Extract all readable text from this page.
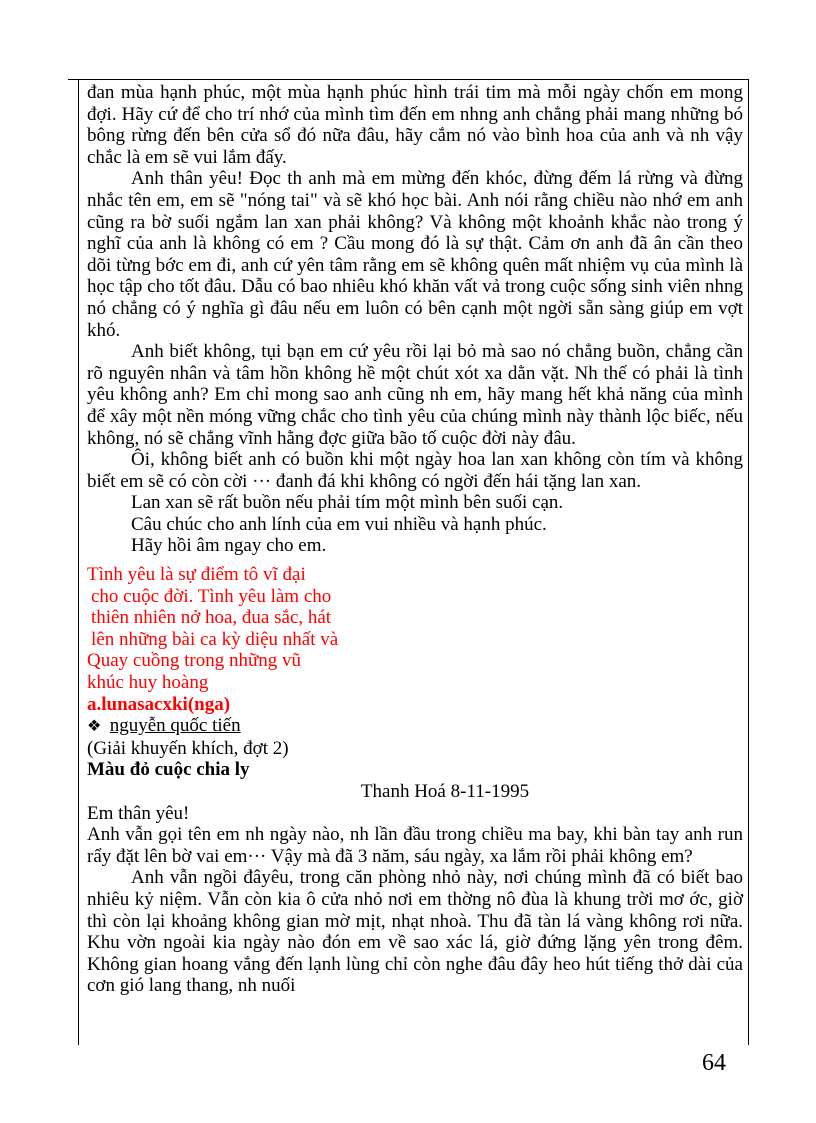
đan mùa hạnh phúc, một mùa hạnh phúc hình trái tim mà mỗi ngày chốn em mong đợi. Hãy cứ để cho trí nhớ của mình tìm đến em nhng anh chẳng phải mang những bó bông rừng đến bên cửa sổ đó nữa đâu, hãy cắm nó vào bình hoa của anh và nh vậy chắc là em sẽ vui lắm đấy.

Anh thân yêu! Đọc th anh mà em mừng đến khóc, đừng đếm lá rừng và đừng nhắc tên em, em sẽ "nóng tai" và sẽ khó học bài. Anh nói rằng chiều nào nhớ em anh cũng ra bờ suối ngắm lan xan phải không? Và không một khoảnh khắc nào trong ý nghĩ của anh là không có em ? Cầu mong đó là sự thật. Cảm ơn anh đã ân cần theo dõi từng bớc em đi, anh cứ yên tâm rằng em sẽ không quên mất nhiệm vụ của mình là học tập cho tốt đâu. Dẫu có bao nhiêu khó khăn vất vả trong cuộc sống sinh viên nhng nó chẳng có ý nghĩa gì đâu nếu em luôn có bên cạnh một ngời sẵn sàng giúp em vợt khó.

Anh biết không, tụi bạn em cứ yêu rồi lại bỏ mà sao nó chẳng buồn, chẳng cần rõ nguyên nhân và tâm hồn không hề một chút xót xa dằn vặt. Nh thế có phải là tình yêu không anh? Em chỉ mong sao anh cũng nh em, hãy mang hết khả năng của mình để xây một nền móng vững chắc cho tình yêu của chúng mình này thành lộc biếc, nếu không, nó sẽ chẳng vĩnh hằng đợc giữa bão tố cuộc đời này đâu.

Ôi, không biết anh có buồn khi một ngày hoa lan xan không còn tím và không biết em sẽ có còn cời ··· đanh đá khi không có ngời đến hái tặng lan xan.

Lan xan sẽ rất buồn nếu phải tím một mình bên suối cạn.

Câu chúc cho anh lính của em vui nhiều và hạnh phúc.

Hãy hồi âm ngay cho em.

Tình yêu là sự điểm tô vĩ đại

cho cuộc đời. Tình yêu làm cho

thiên nhiên nở hoa, đua sắc, hát

lên những bài ca kỳ diệu nhất và

Quay cuồng trong những vũ

khúc huy hoàng

a.lunasacxki(nga)

❖ nguyễn quốc tiến

(Giải khuyến khích, đợt 2)

Màu đỏ cuộc chia ly

Thanh Hoá 8-11-1995

Em thân yêu!

Anh vẫn gọi tên em nh ngày nào, nh lần đầu trong chiều ma bay, khi bàn tay anh run rẩy đặt lên bờ vai em··· Vậy mà đã 3 năm, sáu ngày, xa lắm rồi phải không em?

Anh vẫn ngồi đâyêu, trong căn phòng nhỏ này, nơi chúng mình đã có biết bao nhiêu kỷ niệm. Vẫn còn kia ô cửa nhỏ nơi em thờng nô đùa là khung trời mơ ớc, giờ thì còn lại khoảng không gian mờ mịt, nhạt nhoà. Thu đã tàn lá vàng không rơi nữa. Khu vờn ngoài kia ngày nào đón em về sao xác lá, giờ đứng lặng yên trong đêm. Không gian hoang vắng đến lạnh lùng chỉ còn nghe đâu đây heo hút tiếng thở dài của cơn gió lang thang, nh nuối

64
